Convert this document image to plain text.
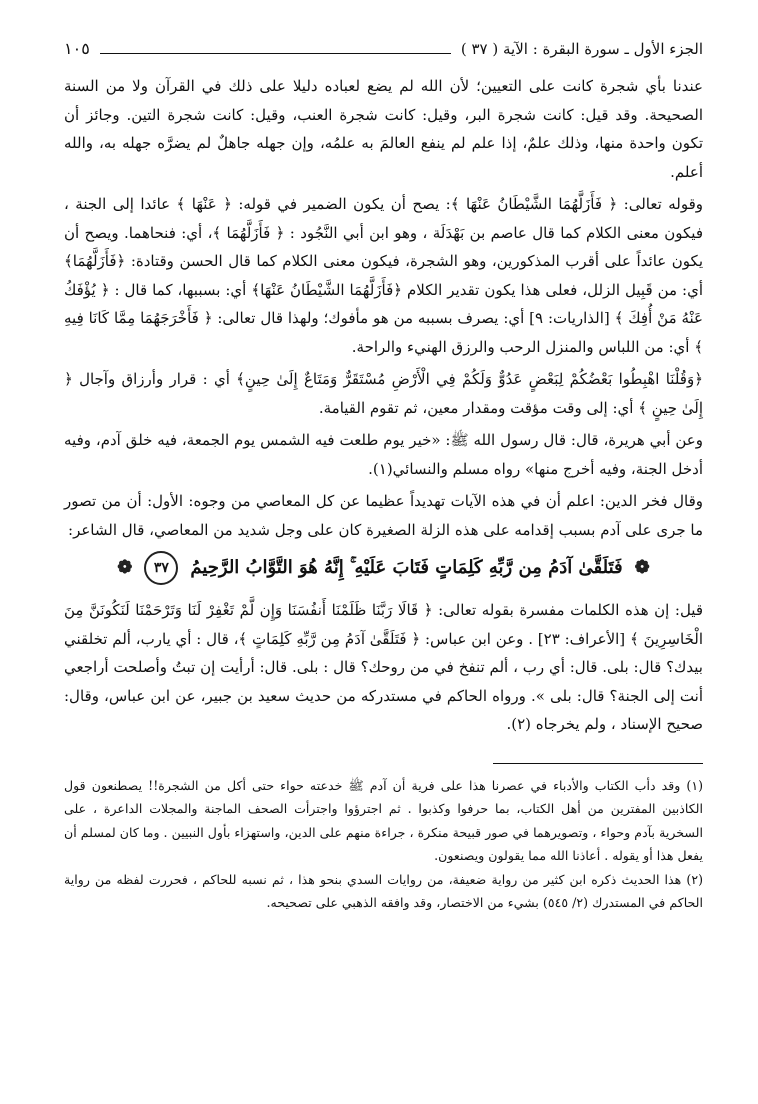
الجزء الأول ـ سورة البقرة : الآية ( ٣٧ )
١٠٥

عندنا بأي شجرة كانت على التعيين؛ لأن الله لم يضع لعباده دليلا على ذلك في القرآن ولا من السنة الصحيحة. وقد قيل: كانت شجرة البر، وقيل: كانت شجرة العنب، وقيل: كانت شجرة التين. وجائز أن تكون واحدة منها، وذلك علمٌ، إذا علم لم ينفع العالمَ به علمُه، وإن جهله جاهلٌ لم يضرَّه جهله به، والله أعلم.

وقوله تعالى: ﴿ فَأَزَلَّهُمَا الشَّيْطَانُ عَنْهَا ﴾: يصح أن يكون الضمير في قوله: ﴿ عَنْهَا ﴾ عائدا إلى الجنة ، فيكون معنى الكلام كما قال عاصم بن بَهْدَلَة ، وهو ابن أبي النَّجُود : ﴿ فَأَزَلَّهُمَا ﴾، أي: فنحاهما. ويصح أن يكون عائداً على أقرب المذكورين، وهو الشجرة، فيكون معنى الكلام كما قال الحسن وقتادة: ﴿فَأَزَلَّهُمَا﴾ أي: من قَبِيل الزلل، فعلى هذا يكون تقدير الكلام ﴿فَأَزَلَّهُمَا الشَّيْطَانُ عَنْهَا﴾ أي: بسببها، كما قال : ﴿ يُؤْفَكُ عَنْهُ مَنْ أُفِكَ ﴾ [الذاريات: ٩] أي: يصرف بسببه من هو مأفوك؛ ولهذا قال تعالى: ﴿ فَأَخْرَجَهُمَا مِمَّا كَانَا فِيهِ ﴾ أي: من اللباس والمنزل الرحب والرزق الهنيء والراحة.

﴿وَقُلْنَا اهْبِطُوا بَعْضُكُمْ لِبَعْضٍ عَدُوٌّ وَلَكُمْ فِي الْأَرْضِ مُسْتَقَرٌّ وَمَتَاعٌ إِلَىٰ حِينٍ﴾ أي : قرار وأرزاق وآجال ﴿ إِلَىٰ حِينٍ ﴾ أي: إلى وقت مؤقت ومقدار معين، ثم تقوم القيامة.

وعن أبي هريرة، قال: قال رسول الله ﷺ: «خير يوم طلعت فيه الشمس يوم الجمعة، فيه خلق آدم، وفيه أدخل الجنة، وفيه أخرج منها» رواه مسلم والنسائي(١).

وقال فخر الدين: اعلم أن في هذه الآيات تهديداً عظيما عن كل المعاصي من وجوه: الأول: أن من تصور ما جرى على آدم بسبب إقدامه على هذه الزلة الصغيرة كان على وجل شديد من المعاصي، قال الشاعر:

❁
فَتَلَقَّىٰ آدَمُ مِن رَّبِّهِ كَلِمَاتٍ فَتَابَ عَلَيْهِ ۚ إِنَّهُ هُوَ التَّوَّابُ الرَّحِيمُ
٣٧
❁

قيل: إن هذه الكلمات مفسرة بقوله تعالى: ﴿ قَالَا رَبَّنَا ظَلَمْنَا أَنفُسَنَا وَإِن لَّمْ تَغْفِرْ لَنَا وَتَرْحَمْنَا لَنَكُونَنَّ مِنَ الْخَاسِرِينَ ﴾ [الأعراف: ٢٣] . وعن ابن عباس: ﴿ فَتَلَقَّىٰ آدَمُ مِن رَّبِّهِ كَلِمَاتٍ ﴾، قال : أي يارب، ألم تخلقني بيدك؟ قال: بلى. قال: أي رب ، ألم تنفخ في من روحك؟ قال : بلى. قال: أرأيت إن تبتُ وأصلحت أراجعي أنت إلى الجنة؟ قال: بلى ». ورواه الحاكم في مستدركه من حديث سعيد بن جبير، عن ابن عباس، وقال: صحيح الإسناد ، ولم يخرجاه (٢).

(١) وقد دأب الكتاب والأدباء في عصرنا هذا على فرية أن آدم ﷺ خدعته حواء حتى أكل من الشجرة!! يصطنعون قول الكاذبين المفترين من أهل الكتاب، بما حرفوا وكذبوا . ثم اجترؤوا واجترأت الصحف الماجنة والمجلات الداعرة ، على السخرية بآدم وحواء ، وتصويرهما في صور قبيحة منكرة ، جراءة منهم على الدين، واستهزاء بأول النبيين . وما كان لمسلم أن يفعل هذا أو يقوله . أعاذنا الله مما يقولون ويصنعون.

(٢) هذا الحديث ذكره ابن كثير من رواية ضعيفة، من روايات السدي بنحو هذا ، ثم نسبه للحاكم ، فحررت لفظه من رواية الحاكم في المستدرك (٢/ ٥٤٥) بشيء من الاختصار، وقد وافقه الذهبي على تصحيحه.
